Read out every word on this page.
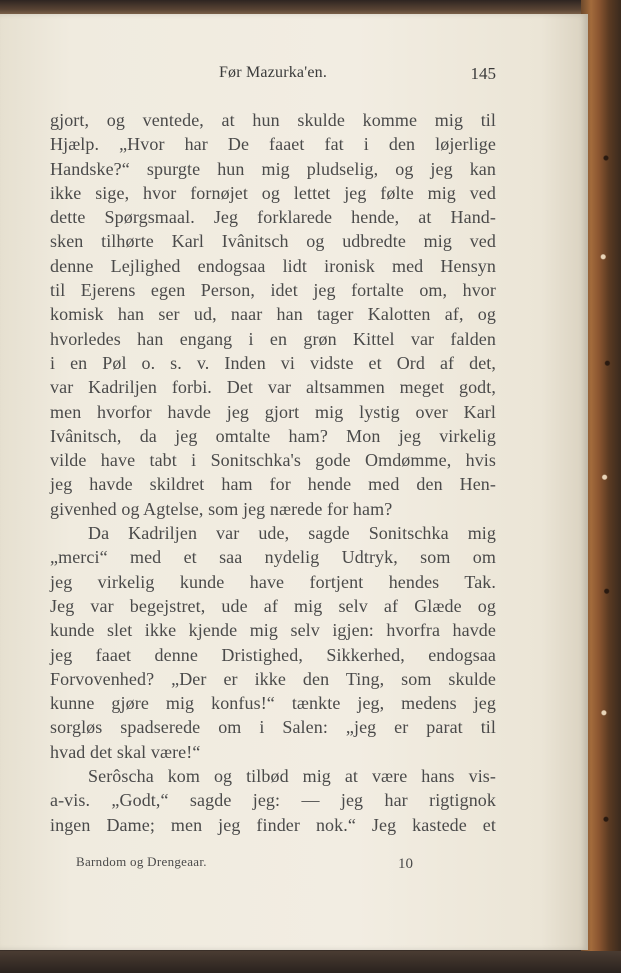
Før Mazurka'en.	145
gjort, og ventede, at hun skulde komme mig til
Hjælp. „Hvor har De faaet fat i den løjerlige
Handske?“ spurgte hun mig pludselig, og jeg kan
ikke sige, hvor fornøjet og lettet jeg følte mig ved
dette Spørgsmaal. Jeg forklarede hende, at Hand-
sken tilhørte Karl Ivânitsch og udbredte mig ved
denne Lejlighed endogsaa lidt ironisk med Hensyn
til Ejerens egen Person, idet jeg fortalte om, hvor
komisk han ser ud, naar han tager Kalotten af, og
hvorledes han engang i en grøn Kittel var falden
i en Pøl o. s. v. Inden vi vidste et Ord af det,
var Kadriljen forbi. Det var altsammen meget godt,
men hvorfor havde jeg gjort mig lystig over Karl
Ivânitsch, da jeg omtalte ham? Mon jeg virkelig
vilde have tabt i Sonitschka's gode Omdømme, hvis
jeg havde skildret ham for hende med den Hen-
givenhed og Agtelse, som jeg nærede for ham?
Da Kadriljen var ude, sagde Sonitschka mig
„merci“ med et saa nydelig Udtryk, som om
jeg virkelig kunde have fortjent hendes Tak.
Jeg var begejstret, ude af mig selv af Glæde og
kunde slet ikke kjende mig selv igjen: hvorfra havde
jeg faaet denne Dristighed, Sikkerhed, endogsaa
Forvovenhed? „Der er ikke den Ting, som skulde
kunne gjøre mig konfus!“ tænkte jeg, medens jeg
sorgløs spadserede om i Salen: „jeg er parat til
hvad det skal være!“
Serôscha kom og tilbød mig at være hans vis-
a-vis. „Godt,“ sagde jeg: — jeg har rigtignok
ingen Dame; men jeg finder nok.“ Jeg kastede et
Barndom og Drengeaar.	10
